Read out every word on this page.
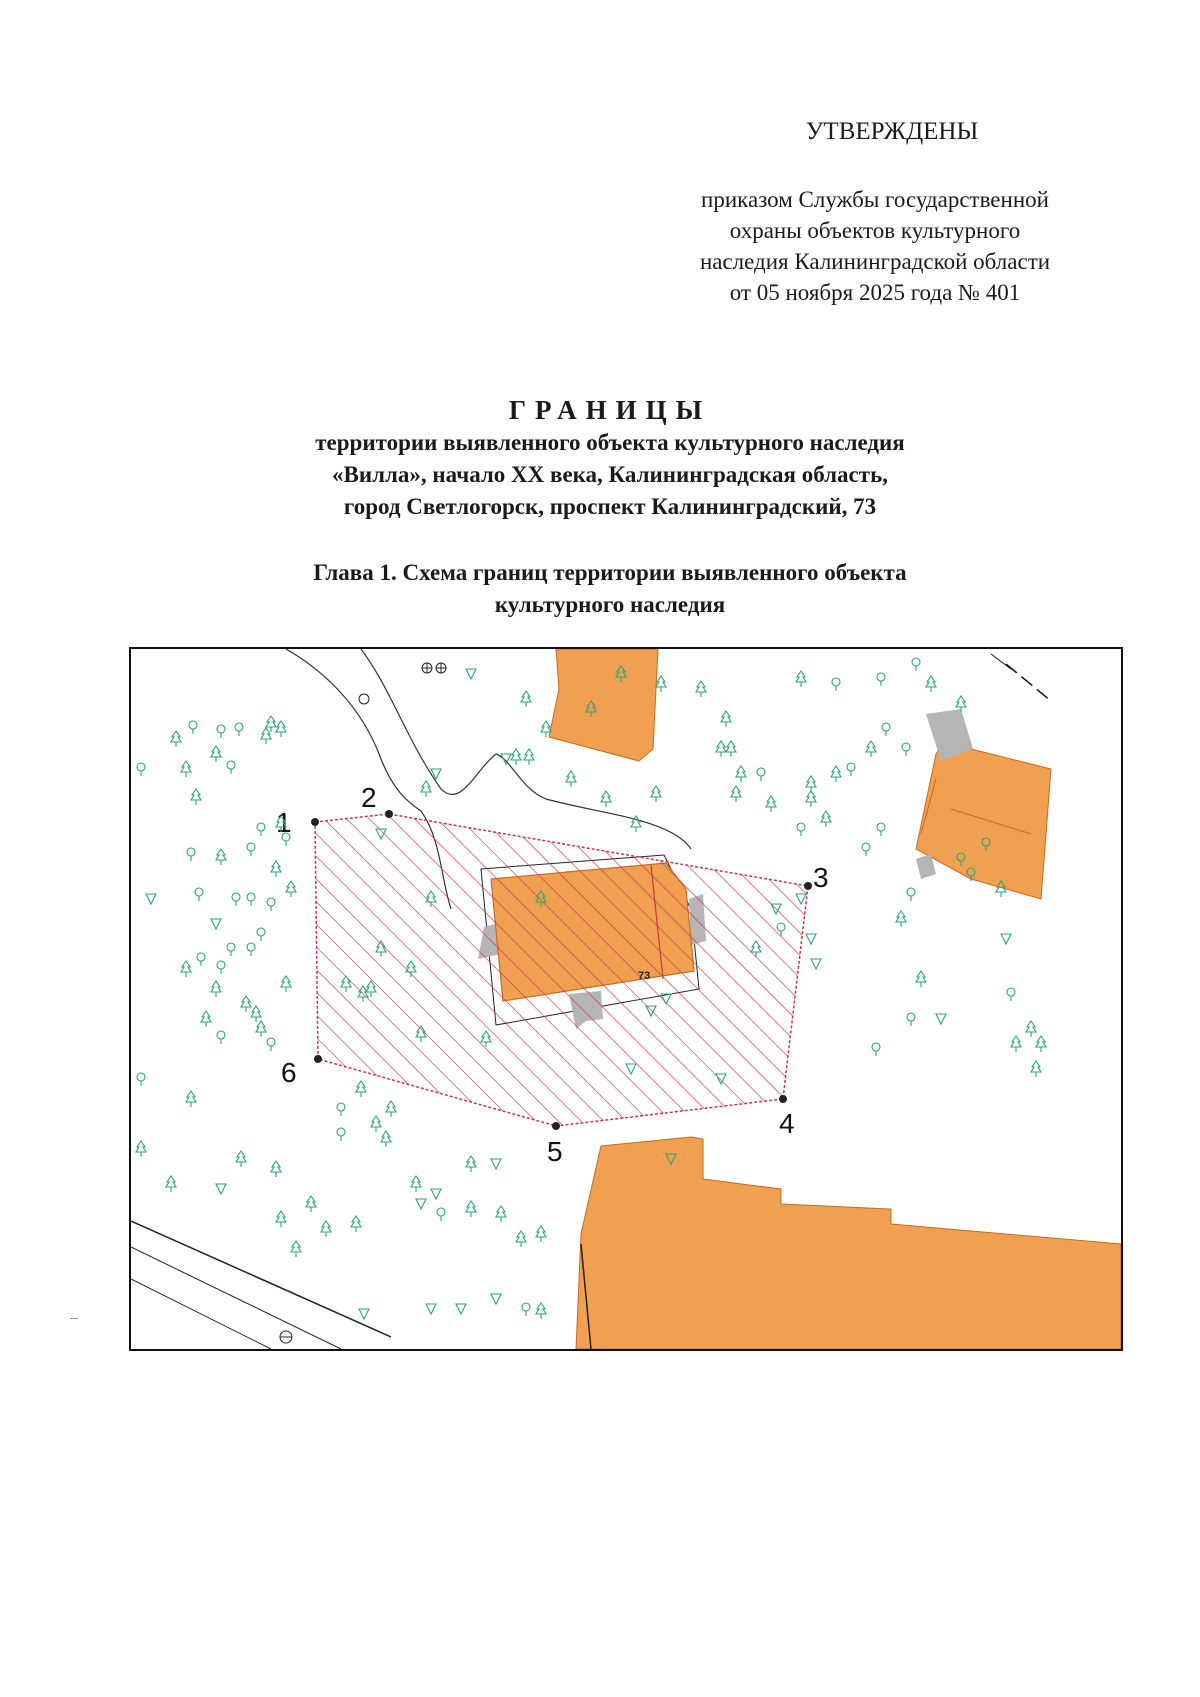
УТВЕРЖДЕНЫ
приказом Службы государственной
охраны объектов культурного
наследия Калининградской области
от 05 ноября 2025 года № 401
ГРАНИЦЫ
территории выявленного объекта культурного наследия
«Вилла», начало XX века, Калининградская область,
город Светлогорск, проспект Калининградский, 73
Глава 1. Схема границ территории выявленного объекта
культурного наследия
1
2
3
4
5
6
